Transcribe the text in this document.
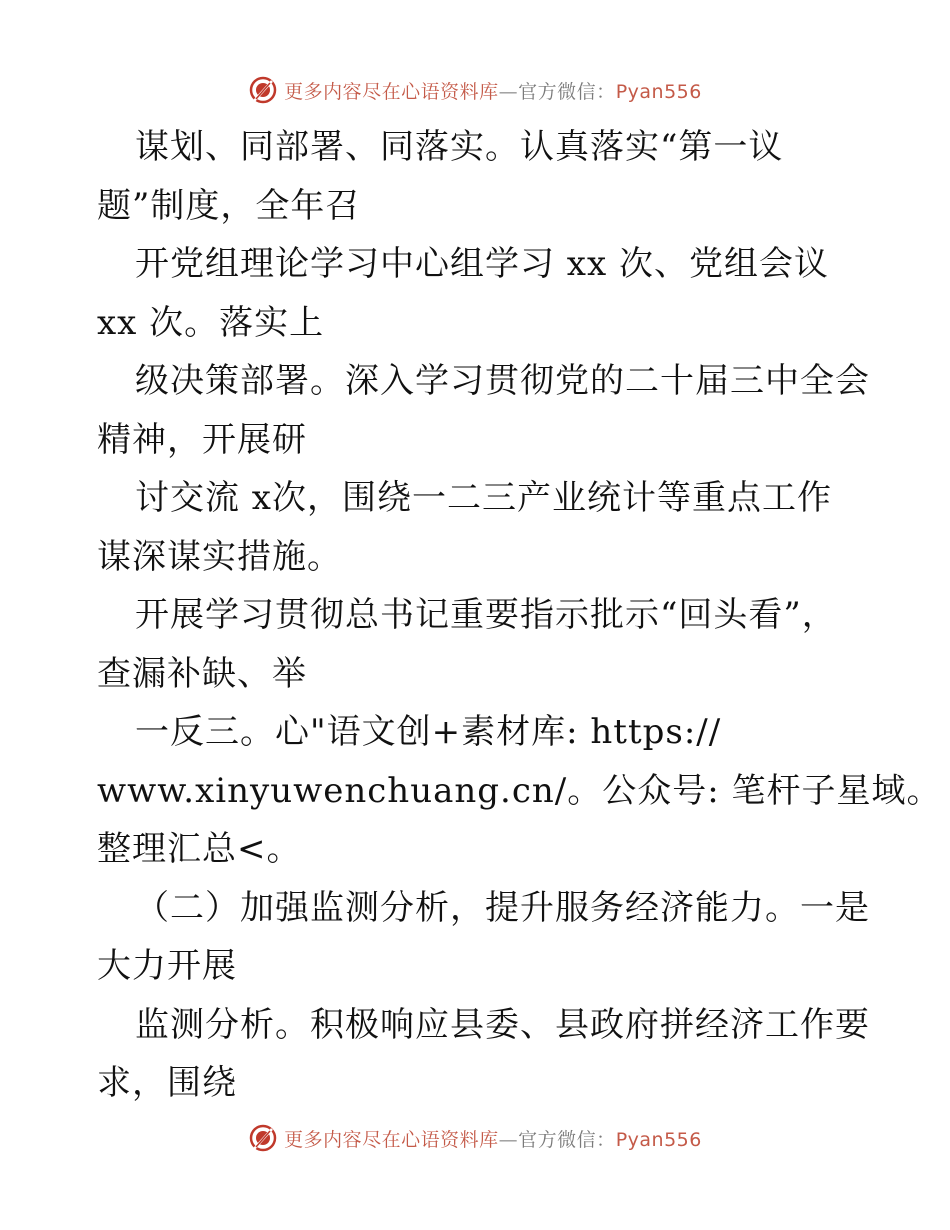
更多内容尽在心语资料库—官方微信：Pyan556
谋划、同部署、同落实。认真落实“第一议
题”制度，全年召
开党组理论学习中心组学习 xx 次、党组会议
xx 次。落实上
级决策部署。深入学习贯彻党的二十届三中全会
精神，开展研
讨交流 x次，围绕一二三产业统计等重点工作
谋深谋实措施。
开展学习贯彻总书记重要指示批示“回头看”，
查漏补缺、举
一反三。心"语文创+素材库: https://
www.xinyuwenchuang.cn/。公众号: 笔杆子星域。
整理汇总<。
（二）加强监测分析，提升服务经济能力。一是
大力开展
监测分析。积极响应县委、县政府拼经济工作要
求，围绕
更多内容尽在心语资料库—官方微信：Pyan556
